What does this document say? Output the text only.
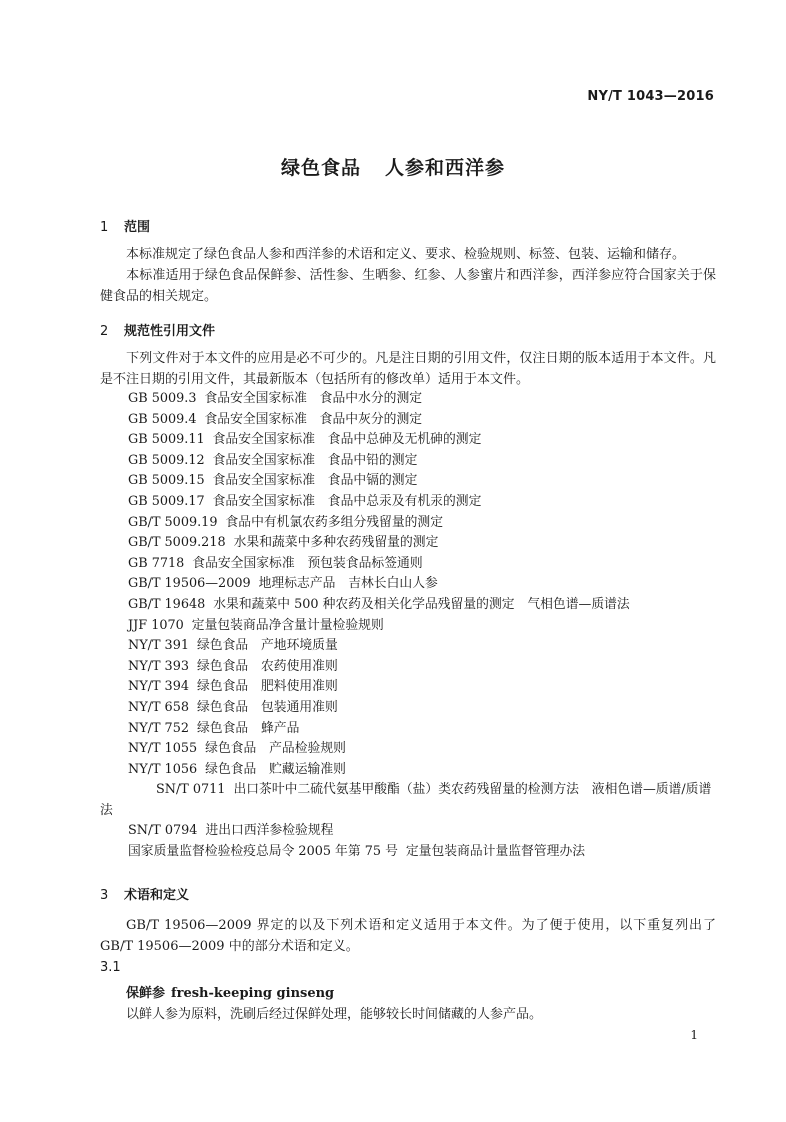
NY/T 1043—2016
绿色食品 人参和西洋参
1 范围
本标准规定了绿色食品人参和西洋参的术语和定义、要求、检验规则、标签、包装、运输和储存。
本标准适用于绿色食品保鲜参、活性参、生晒参、红参、人参蜜片和西洋参，西洋参应符合国家关于保健食品的相关规定。
2 规范性引用文件
下列文件对于本文件的应用是必不可少的。凡是注日期的引用文件，仅注日期的版本适用于本文件。凡是不注日期的引用文件，其最新版本（包括所有的修改单）适用于本文件。
GB 5009.3 食品安全国家标准　食品中水分的测定
GB 5009.4 食品安全国家标准　食品中灰分的测定
GB 5009.11 食品安全国家标准　食品中总砷及无机砷的测定
GB 5009.12 食品安全国家标准　食品中铅的测定
GB 5009.15 食品安全国家标准　食品中镉的测定
GB 5009.17 食品安全国家标准　食品中总汞及有机汞的测定
GB/T 5009.19 食品中有机氯农药多组分残留量的测定
GB/T 5009.218 水果和蔬菜中多种农药残留量的测定
GB 7718 食品安全国家标准　预包装食品标签通则
GB/T 19506—2009 地理标志产品　吉林长白山人参
GB/T 19648 水果和蔬菜中 500 种农药及相关化学品残留量的测定　气相色谱—质谱法
JJF 1070 定量包装商品净含量计量检验规则
NY/T 391 绿色食品　产地环境质量
NY/T 393 绿色食品　农药使用准则
NY/T 394 绿色食品　肥料使用准则
NY/T 658 绿色食品　包装通用准则
NY/T 752 绿色食品　蜂产品
NY/T 1055 绿色食品　产品检验规则
NY/T 1056 绿色食品　贮藏运输准则
SN/T 0711 出口茶叶中二硫代氨基甲酸酯（盐）类农药残留量的检测方法　液相色谱—质谱/质谱法
SN/T 0794 进出口西洋参检验规程
国家质量监督检验检疫总局令 2005 年第 75 号 定量包装商品计量监督管理办法
3 术语和定义
GB/T 19506—2009 界定的以及下列术语和定义适用于本文件。为了便于使用，以下重复列出了 GB/T 19506—2009 中的部分术语和定义。
3.1
保鲜参 fresh-keeping ginseng
以鲜人参为原料，洗刷后经过保鲜处理，能够较长时间储藏的人参产品。
1
